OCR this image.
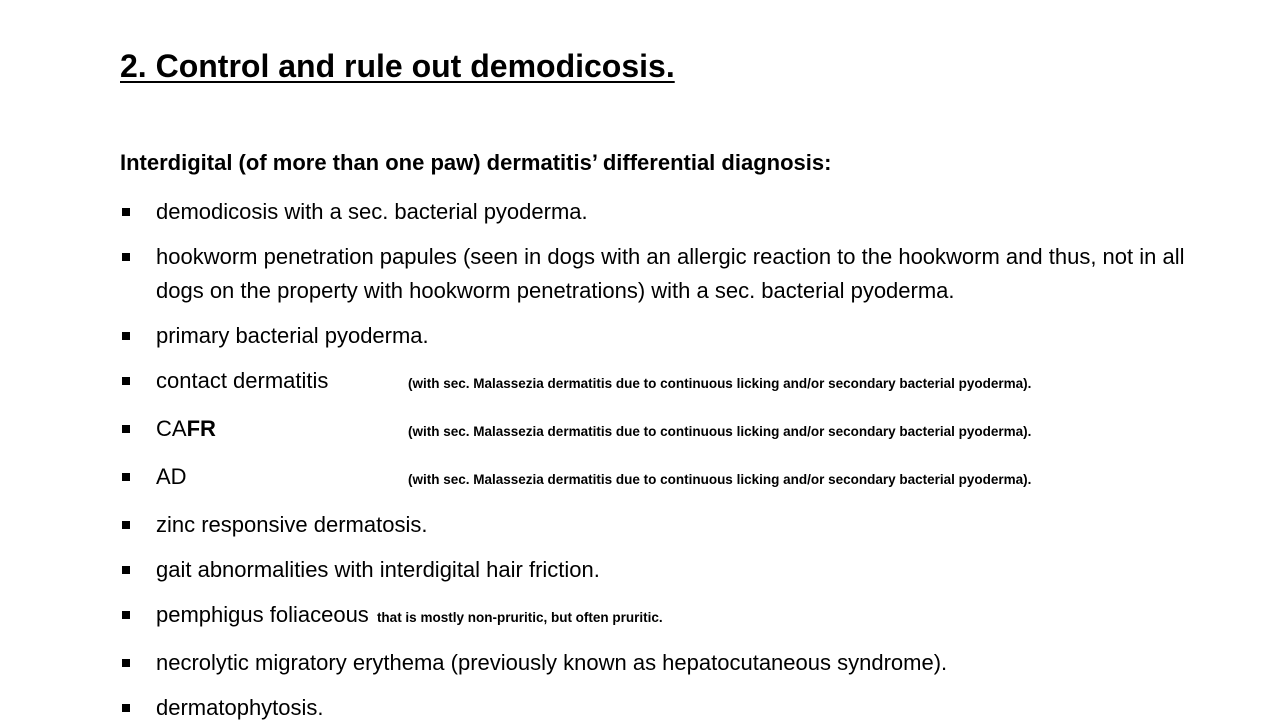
2. Control and rule out demodicosis.

Interdigital (of more than one paw) dermatitis’ differential diagnosis:

demodicosis with a sec. bacterial pyoderma.
hookworm penetration papules (seen in dogs with an allergic reaction to the hookworm and thus, not in all dogs on the property with hookworm penetrations) with a sec. bacterial pyoderma.
primary bacterial pyoderma.
contact dermatitis	(with sec. Malassezia dermatitis due to continuous licking and/or secondary bacterial pyoderma).
CAFR	(with sec. Malassezia dermatitis due to continuous licking and/or secondary bacterial pyoderma).
AD	(with sec. Malassezia dermatitis due to continuous licking and/or secondary bacterial pyoderma).
zinc responsive dermatosis.
gait abnormalities with interdigital hair friction.
pemphigus foliaceous that is mostly non-pruritic, but often pruritic.
necrolytic migratory erythema (previously known as hepatocutaneous syndrome).
dermatophytosis.
